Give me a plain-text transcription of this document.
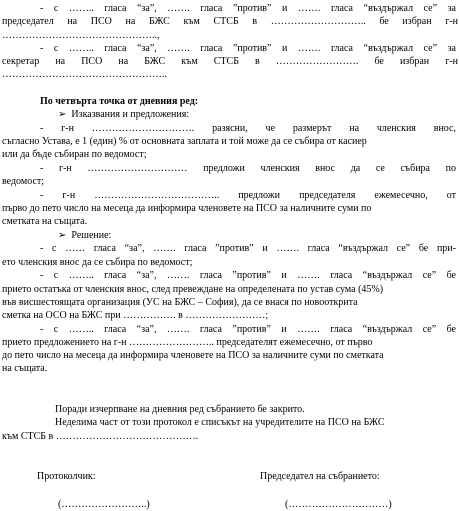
- с …….. гласа “за”, ……. гласа ”против” и ……. гласа “въздържал се” за
председател на ПСО на БЖС към СТСБ в ……………………….. бе избран г-н
………………………………………..,
- с …….. гласа “за”, ……. гласа ”против” и ……. гласа “въздържал се” за
секретар на ПСО на БЖС към СТСБ в ……………………. бе избран г-н
…………………………………………..
По четвърта точка от дневния ред:
➢ Изказвания и предложения:
- г-н …………………………. разясни, че размерът на членския внос,
съгласно Устава, е 1 (един) % от основната заплата и той може да се събира от касиер
или да бъде събиран по ведомост;
- г-н ………………………… предложи членския внос да се събира по
ведомост;
- г-н ……………………………….. предложи председателя ежемесечно, от
първо до пето число на месеца да информира членовете на ПСО за наличните суми по
сметката на същата.
➢ Решение:
- с …… гласа “за”, ……. гласа ”против” и ……. гласа “въздържал се” бе при-
ето членския внос да се събира по ведомост;
- с …….. гласа “за”, ……. гласа ”против” и ……. гласа “въздържал се” бе
прието остатъка от членския внос, след превеждане на определената по устав сума (45%)
във висшестоящата организация (УС на БЖС – София), да се внася по новооткрита
сметка на ОСО на БЖС при ……………. в ……………………;
- с …….. гласа “за”, ……. гласа ”против” и ……. гласа “въздържал се” бе
прието предложението на г-н …………………….. председателят ежемесечно, от първо
до пето число на месеца да информира членовете на ПСО за наличните суми по сметката
на същата.
Поради изчерпване на дневния ред събранието бе закрито.
Неделима част от този протокол е списъкът на учредителите на ПСО на БЖС
към СТСБ в …………………………………….
Протоколчик:	Председател на събранието:
(……………………..)	(…………………………)
